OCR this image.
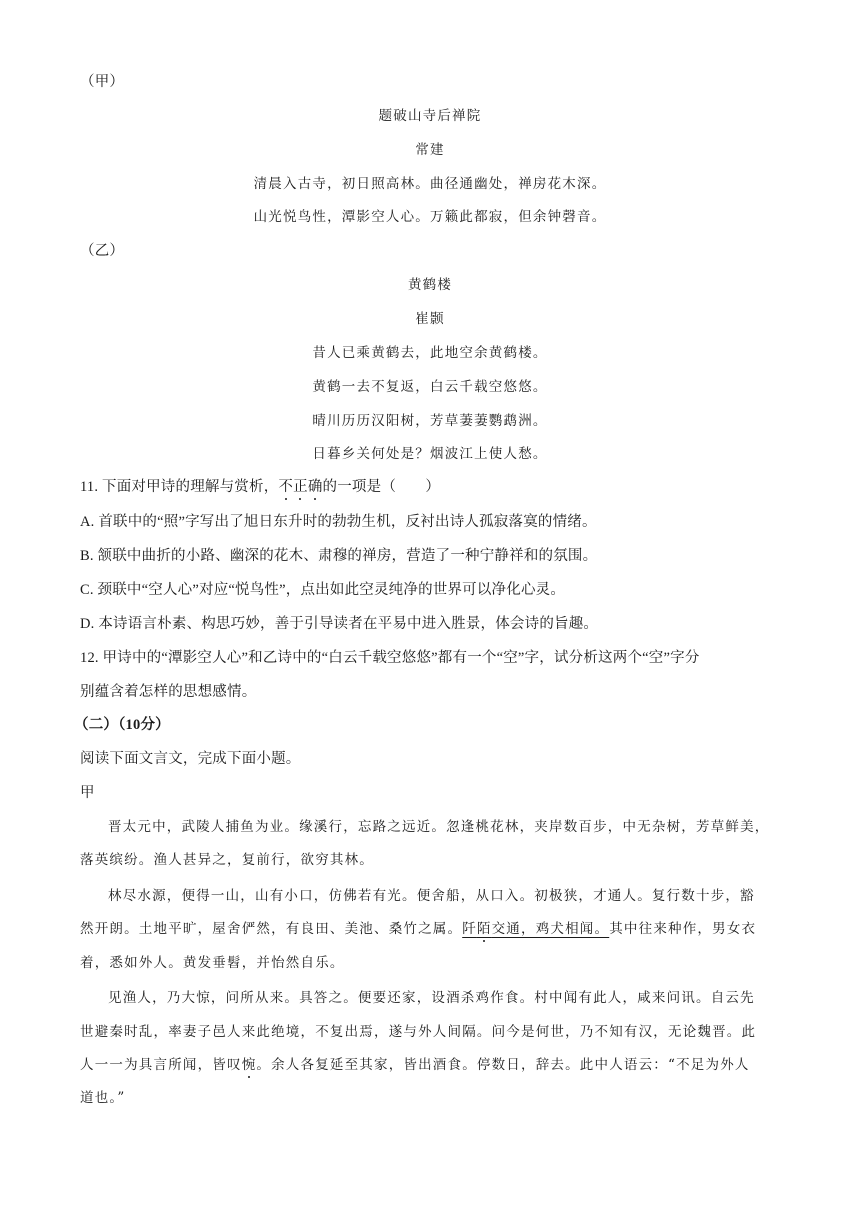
（甲）
题破山寺后禅院
常建
清晨入古寺，初日照高林。曲径通幽处，禅房花木深。
山光悦鸟性，潭影空人心。万籁此都寂，但余钟磬音。
（乙）
黄鹤楼
崔颢
昔人已乘黄鹤去，此地空余黄鹤楼。
黄鹤一去不复返，白云千载空悠悠。
晴川历历汉阳树，芳草萋萋鹦鹉洲。
日暮乡关何处是？烟波江上使人愁。
11. 下面对甲诗的理解与赏析，不正确的一项是（　　）
A. 首联中的“照”字写出了旭日东升时的勃勃生机，反衬出诗人孤寂落寞的情绪。
B. 颔联中曲折的小路、幽深的花木、肃穆的禅房，营造了一种宁静祥和的氛围。
C. 颈联中“空人心”对应“悦鸟性”，点出如此空灵纯净的世界可以净化心灵。
D. 本诗语言朴素、构思巧妙，善于引导读者在平易中进入胜景，体会诗的旨趣。
12. 甲诗中的“潭影空人心”和乙诗中的“白云千载空悠悠”都有一个“空”字，试分析这两个“空”字分
别蕴含着怎样的思想感情。
（二）（10分）
阅读下面文言文，完成下面小题。
甲
晋太元中，武陵人捕鱼为业。缘溪行，忘路之远近。忽逢桃花林，夹岸数百步，中无杂树，芳草鲜美，
落英缤纷。渔人甚异之，复前行，欲穷其林。
林尽水源，便得一山，山有小口，仿佛若有光。便舍船，从口入。初极狭，才通人。复行数十步，豁
然开朗。土地平旷，屋舍俨然，有良田、美池、桑竹之属。阡陌交通，鸡犬相闻。其中往来种作，男女衣
着，悉如外人。黄发垂髫，并怡然自乐。
见渔人，乃大惊，问所从来。具答之。便要还家，设酒杀鸡作食。村中闻有此人，咸来问讯。自云先
世避秦时乱，率妻子邑人来此绝境，不复出焉，遂与外人间隔。问今是何世，乃不知有汉，无论魏晋。此
人一一为具言所闻，皆叹惋。余人各复延至其家，皆出酒食。停数日，辞去。此中人语云：“不足为外人
道也。”
